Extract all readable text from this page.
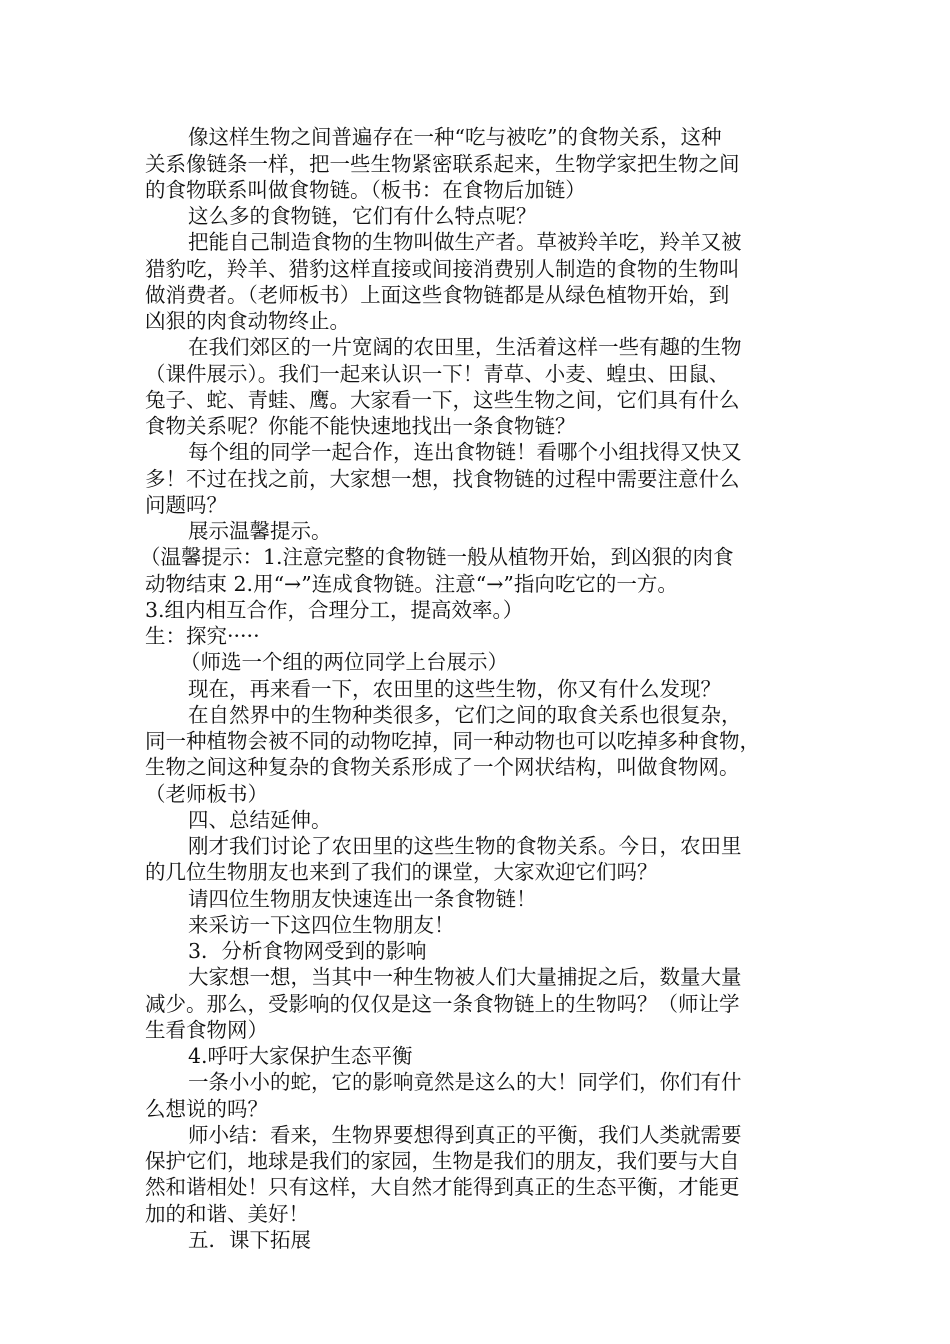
像这样生物之间普遍存在一种“吃与被吃”的食物关系，这种
关系像链条一样，把一些生物紧密联系起来，生物学家把生物之间
的食物联系叫做食物链。（板书：在食物后加链）
这么多的食物链，它们有什么特点呢？
把能自己制造食物的生物叫做生产者。草被羚羊吃，羚羊又被
猎豹吃，羚羊、猎豹这样直接或间接消费别人制造的食物的生物叫
做消费者。（老师板书）上面这些食物链都是从绿色植物开始，到
凶狠的肉食动物终止。
在我们郊区的一片宽阔的农田里，生活着这样一些有趣的生物
（课件展示）。我们一起来认识一下！青草、小麦、蝗虫、田鼠、
兔子、蛇、青蛙、鹰。大家看一下，这些生物之间，它们具有什么
食物关系呢？你能不能快速地找出一条食物链？
每个组的同学一起合作，连出食物链！看哪个小组找得又快又
多！不过在找之前，大家想一想，找食物链的过程中需要注意什么
问题吗？
展示温馨提示。
（温馨提示：1.注意完整的食物链一般从植物开始，到凶狠的肉食
动物结束 2.用“→”连成食物链。注意“→”指向吃它的一方。
3.组内相互合作，合理分工，提高效率。）
生：探究·····
（师选一个组的两位同学上台展示）
现在，再来看一下，农田里的这些生物，你又有什么发现？
在自然界中的生物种类很多，它们之间的取食关系也很复杂，
同一种植物会被不同的动物吃掉，同一种动物也可以吃掉多种食物，
生物之间这种复杂的食物关系形成了一个网状结构，叫做食物网。
（老师板书）
四、总结延伸。
刚才我们讨论了农田里的这些生物的食物关系。今日，农田里
的几位生物朋友也来到了我们的课堂，大家欢迎它们吗？
请四位生物朋友快速连出一条食物链！
来采访一下这四位生物朋友！
3．分析食物网受到的影响
大家想一想，当其中一种生物被人们大量捕捉之后，数量大量
减少。那么，受影响的仅仅是这一条食物链上的生物吗？（师让学
生看食物网）
4.呼吁大家保护生态平衡
一条小小的蛇，它的影响竟然是这么的大！同学们，你们有什
么想说的吗？
师小结：看来，生物界要想得到真正的平衡，我们人类就需要
保护它们，地球是我们的家园，生物是我们的朋友，我们要与大自
然和谐相处！只有这样，大自然才能得到真正的生态平衡，才能更
加的和谐、美好！
五．课下拓展
